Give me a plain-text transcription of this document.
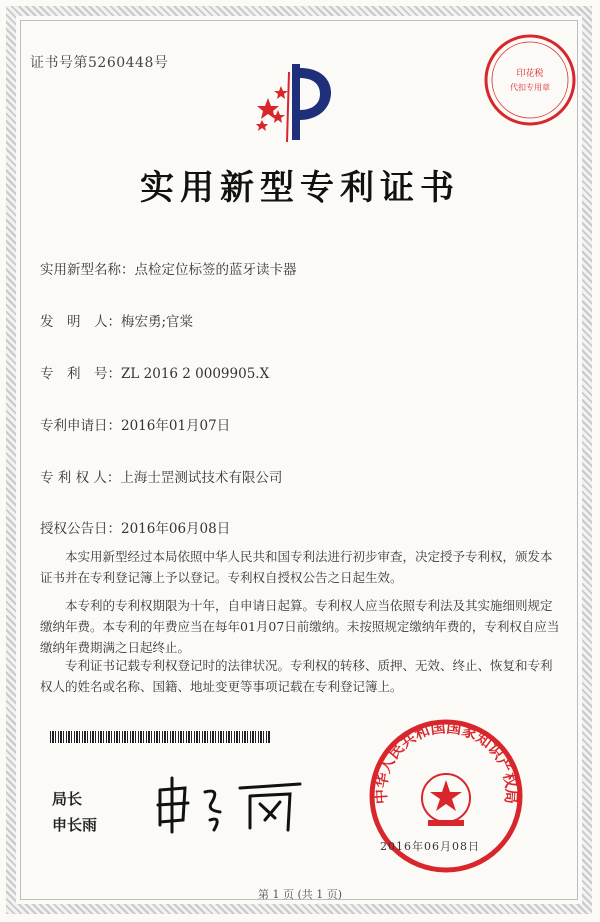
证书号第5260448号
印花税
代扣专用章
实用新型专利证书
实用新型名称：点检定位标签的蓝牙读卡器
发　明　人：梅宏勇;官棠
专　利　号：ZL 2016 2 0009905.X
专利申请日：2016年01月07日
专 利 权 人：上海士罡测试技术有限公司
授权公告日：2016年06月08日
本实用新型经过本局依照中华人民共和国专利法进行初步审查，决定授予专利权，颁发本证书并在专利登记簿上予以登记。专利权自授权公告之日起生效。
本专利的专利权期限为十年，自申请日起算。专利权人应当依照专利法及其实施细则规定缴纳年费。本专利的年费应当在每年01月07日前缴纳。未按照规定缴纳年费的，专利权自应当缴纳年费期满之日起终止。
专利证书记载专利权登记时的法律状况。专利权的转移、质押、无效、终止、恢复和专利权人的姓名或名称、国籍、地址变更等事项记载在专利登记簿上。
局长
申长雨
中华人民共和国国家知识产权局
2016年06月08日
第 1 页 (共 1 页)
